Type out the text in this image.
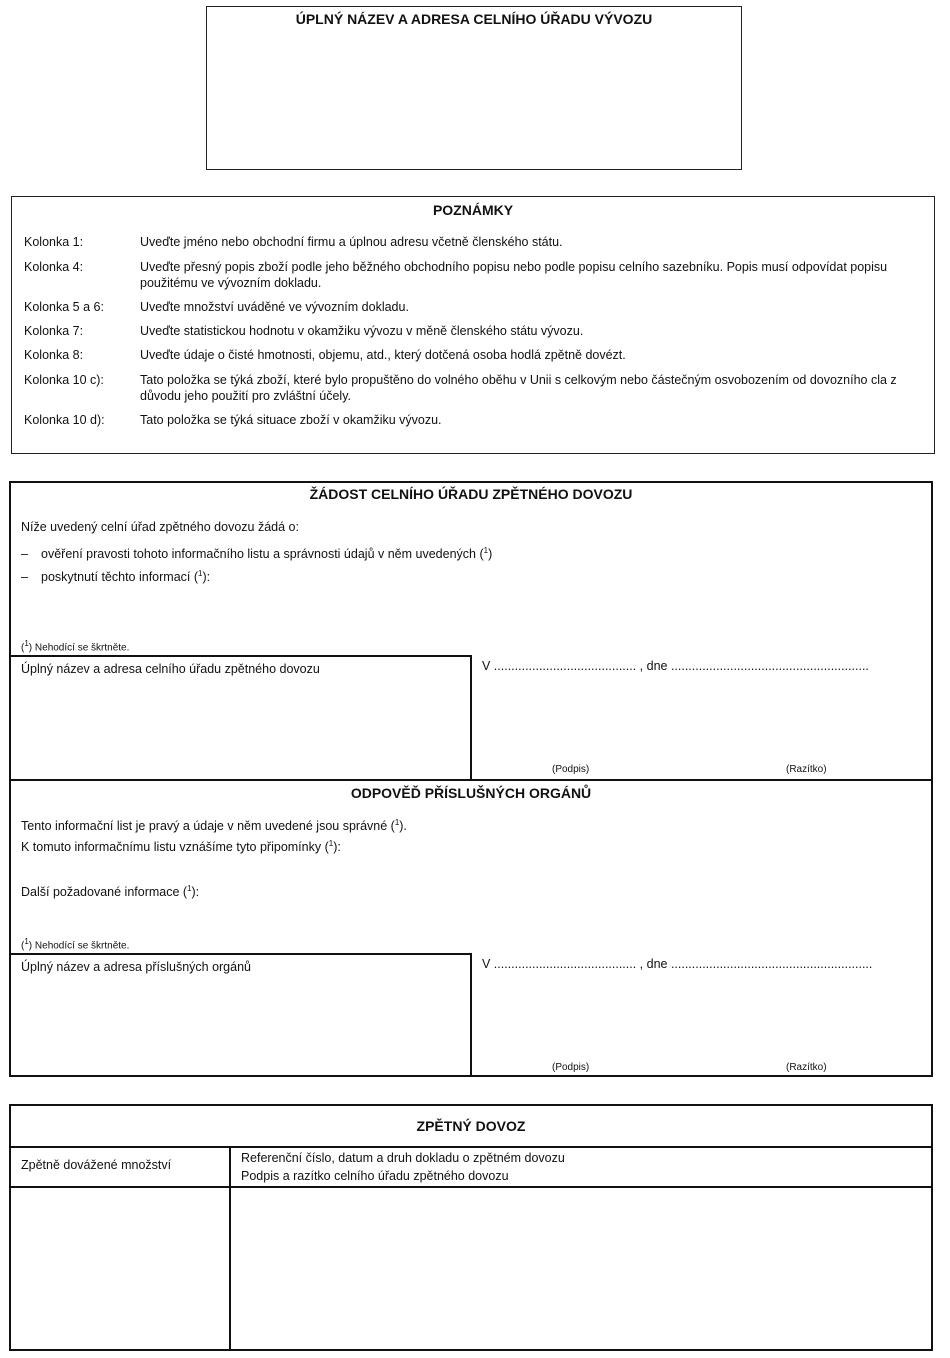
ÚPLNÝ NÁZEV A ADRESA CELNÍHO ÚŘADU VÝVOZU
POZNÁMKY
Kolonka 1:	Uveďte jméno nebo obchodní firmu a úplnou adresu včetně členského státu.
Kolonka 4:	Uveďte přesný popis zboží podle jeho běžného obchodního popisu nebo podle popisu celního sazebníku. Popis musí odpovídat popisu použitému ve vývozním dokladu.
Kolonka 5 a 6:	Uveďte množství uváděné ve vývozním dokladu.
Kolonka 7:	Uveďte statistickou hodnotu v okamžiku vývozu v měně členského státu vývozu.
Kolonka 8:	Uveďte údaje o čisté hmotnosti, objemu, atd., který dotčená osoba hodlá zpětně dovézt.
Kolonka 10 c):	Tato položka se týká zboží, které bylo propuštěno do volného oběhu v Unii s celkovým nebo částečným osvobozením od dovozního cla z důvodu jeho použití pro zvláštní účely.
Kolonka 10 d):	Tato položka se týká situace zboží v okamžiku vývozu.
ŽÁDOST CELNÍHO ÚŘADU ZPĚTNÉHO DOVOZU
Níže uvedený celní úřad zpětného dovozu žádá o:
– ověření pravosti tohoto informačního listu a správnosti údajů v něm uvedených ($^1$)
– poskytnutí těchto informací ($^1$):
($^1$) Nehodící se škrtněte.
Úplný název a adresa celního úřadu zpětného dovozu	V ......................................... , dne .........................................................
(Podpis)	(Razítko)
ODPOVĚĎ PŘÍSLUŠNÝCH ORGÁNŮ
Tento informační list je pravý a údaje v něm uvedené jsou správné ($^1$).
K tomuto informačnímu listu vznášíme tyto připomínky ($^1$):
Další požadované informace ($^1$):
($^1$) Nehodící se škrtněte.
Úplný název a adresa příslušných orgánů	V ......................................... , dne ..........................................................
(Podpis)	(Razítko)
ZPĚTNÝ DOVOZ
Zpětně dovážené množství	Referenční číslo, datum a druh dokladu o zpětném dovozu
Podpis a razítko celního úřadu zpětného dovozu
